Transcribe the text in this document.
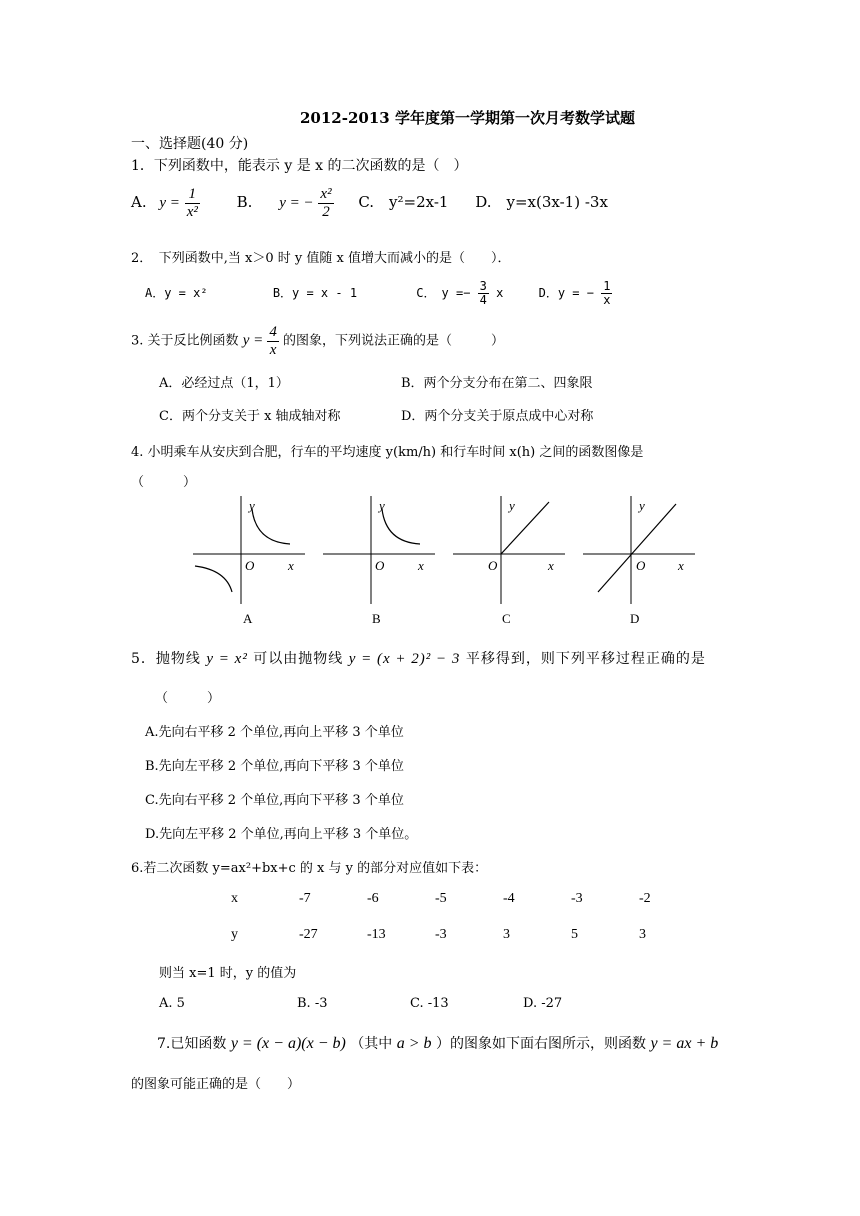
2012-2013 学年度第一学期第一次月考数学试题
一、选择题(40 分)
1．下列函数中，能表示 y 是 x 的二次函数的是（　）
A. $y = \frac{1}{\text{x²}} B$. y = − $\frac{\text{x²}}{2} C$.　y²=2x-1 D.　y=x(3x-1) -3x
2．　下列函数中,当 x＞0 时 y 值随 x 值增大而减小的是（　　）．
A．y = x²	B．y = x - 1	C．　$y =- \frac{3}{4}$ x	D．y = − $\frac{1}{x}$
3. 关于反比例函数 $y = \frac{4}{x}$ 的图象，下列说法正确的是（　　　）
A．必经过点（1，1）	B．两个分支分布在第二、四象限
C．两个分支关于 x 轴成轴对称	D．两个分支关于原点成中心对称
4. 小明乘车从安庆到合肥，行车的平均速度 y(km/h) 和行车时间 x(h) 之间的函数图像是
（　　　）
y
O	x
A
y
O	x
B
y
O	x
C
y
O	x
D
5．抛物线 y = x² 可以由抛物线 y = (x + 2)² − 3 平移得到，则下列平移过程正确的是
（　　　）
A.先向右平移 2 个单位,再向上平移 3 个单位
B.先向左平移 2 个单位,再向下平移 3 个单位
C.先向右平移 2 个单位,再向下平移 3 个单位
D.先向左平移 2 个单位,再向上平移 3 个单位。
6.若二次函数 y=ax²+bx+c 的 x 与 y 的部分对应值如下表：
x	-7	-6	-5	-4	-3	-2
y	-27	-13	-3	3	5	3
则当 x=1 时，y 的值为
A. 5	B. -3	C. -13	D. -27
7.已知函数 y = (x − a)(x − b) （其中 a > b ）的图象如下面右图所示，则函数 y = ax + b
的图象可能正确的是（　　）
